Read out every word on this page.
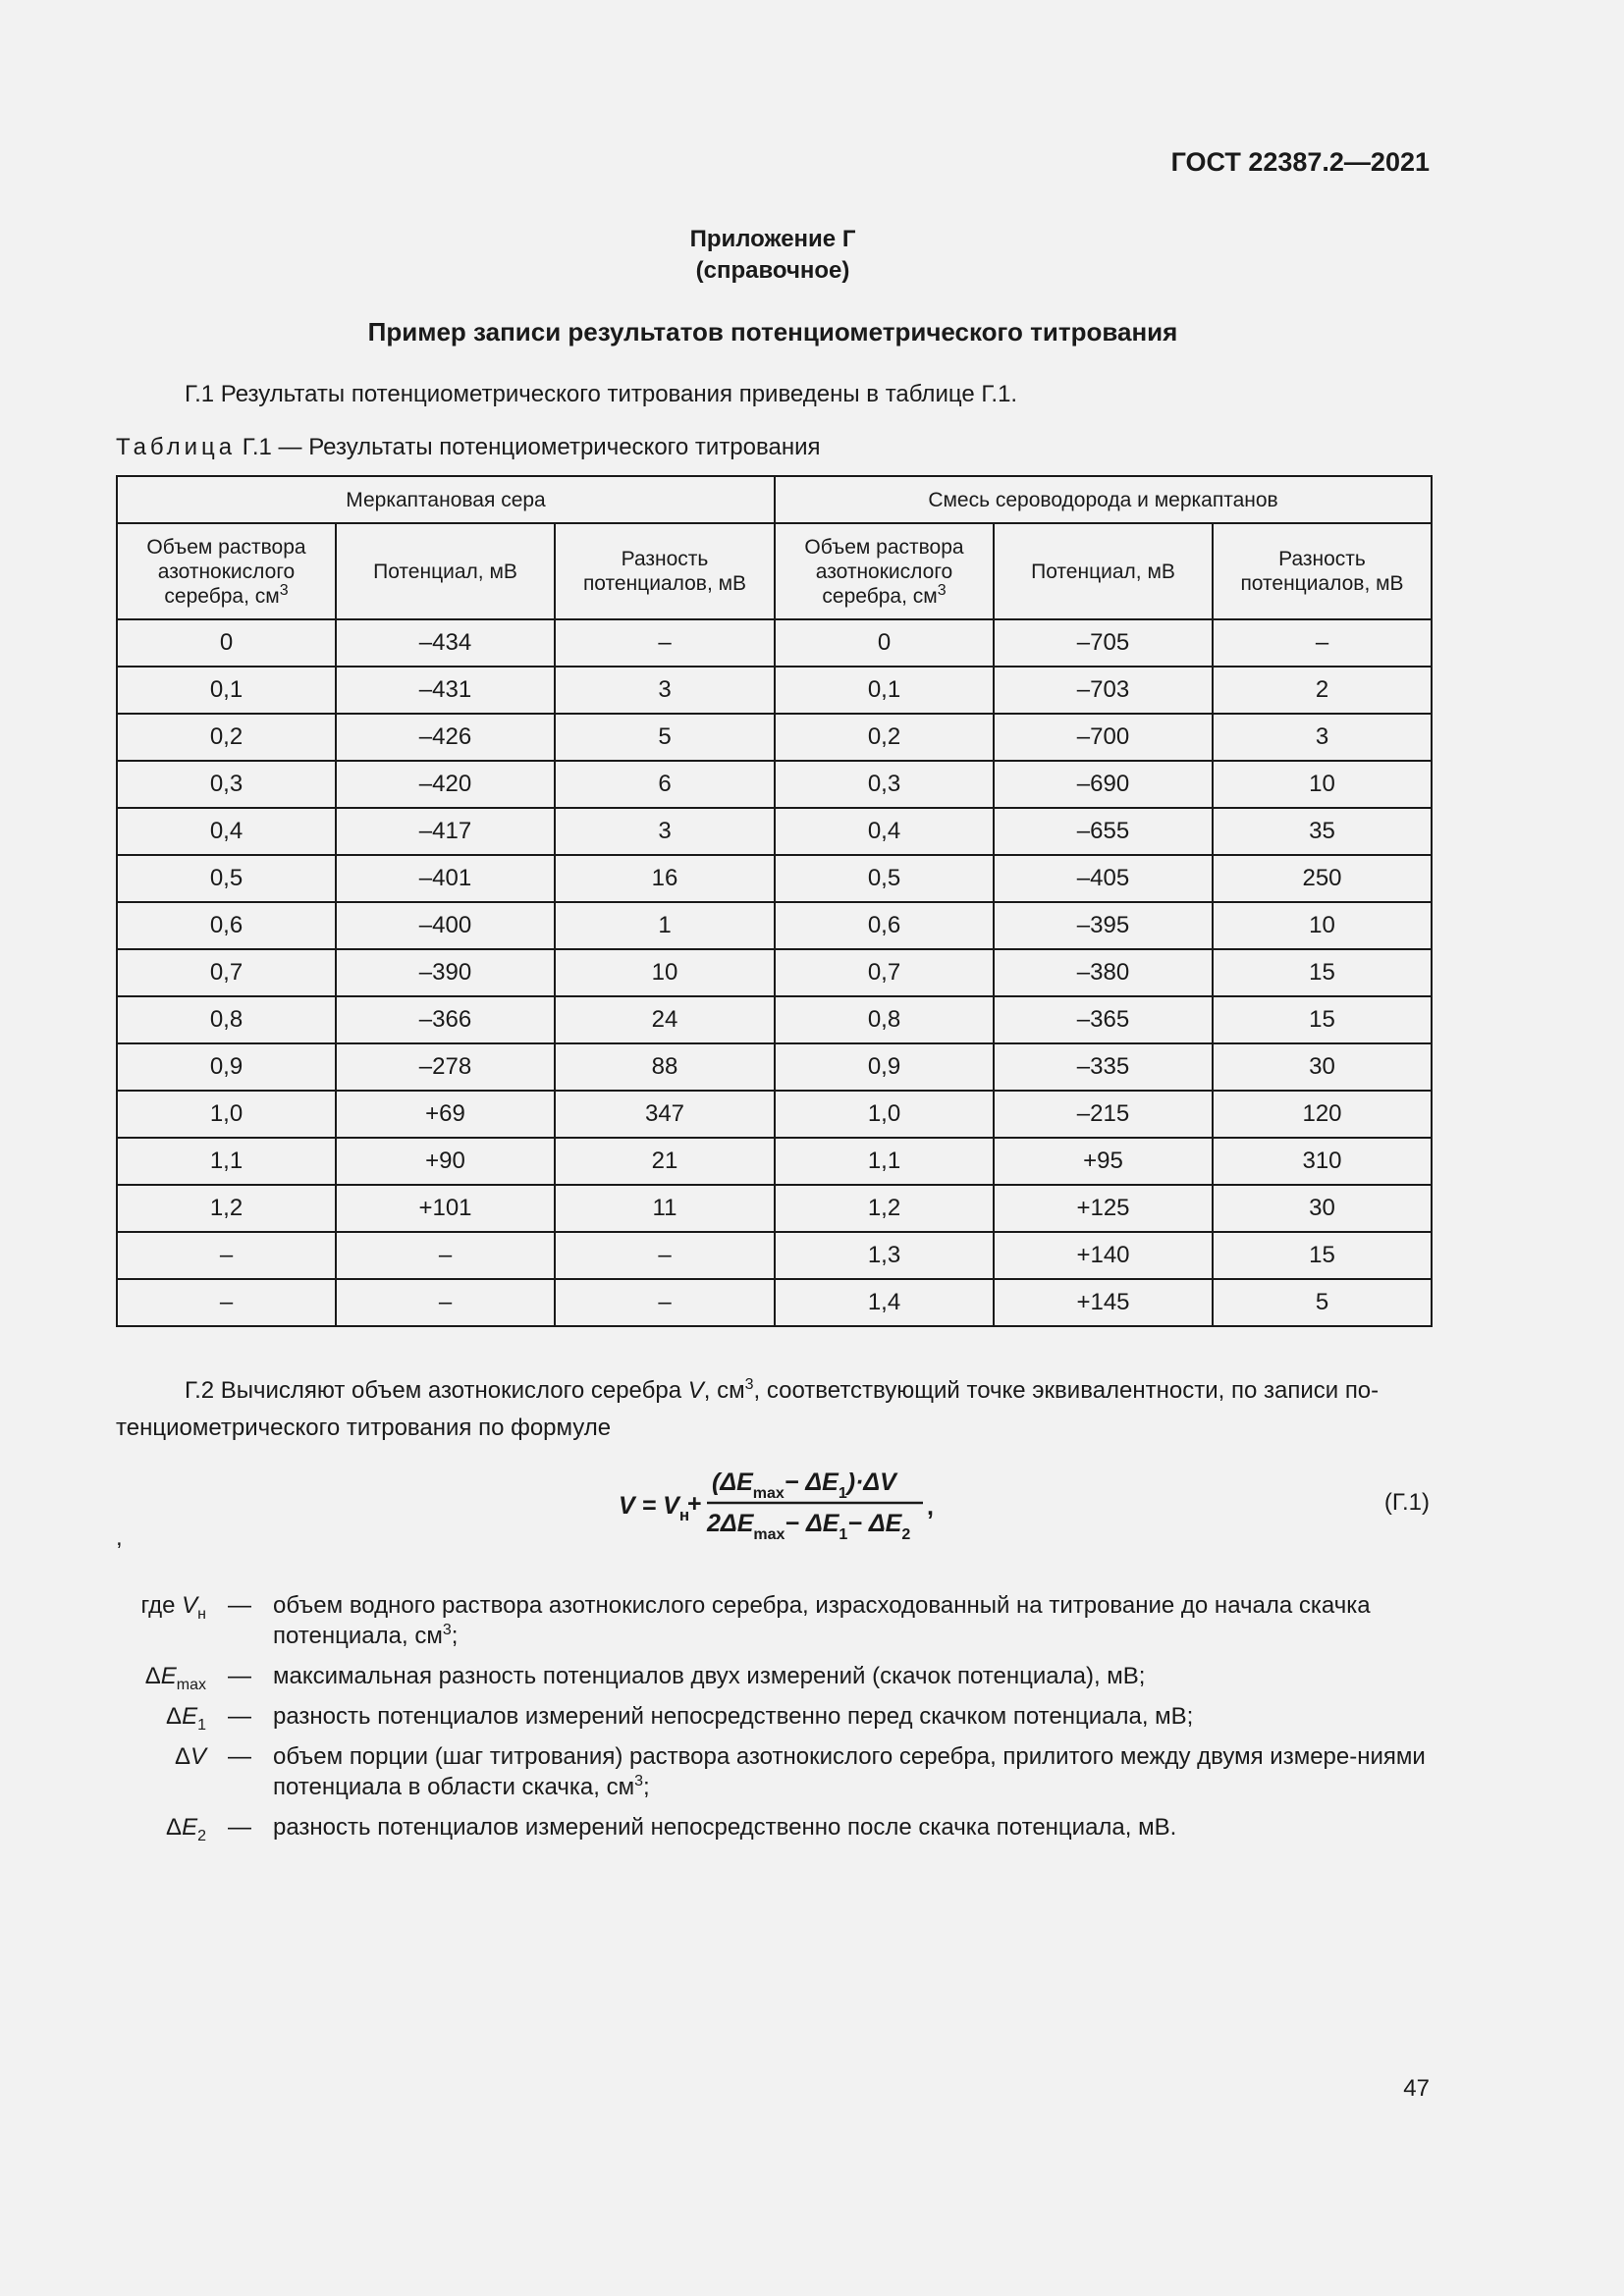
ГОСТ 22387.2—2021
Приложение Г
(справочное)
Пример записи результатов потенциометрического титрования
Г.1 Результаты потенциометрического титрования приведены в таблице Г.1.
Таблица Г.1 — Результаты потенциометрического титрования
Меркаптановая сера			Смесь сероводорода и меркаптанов		
Объем раствора азотнокислого серебра, $см^3$	Потенциал, мВ	Разность потенциалов, мВ	Объем раствора азотнокислого серебра, $см^3$	Потенциал, мВ	Разность потенциалов, мВ
0	–434	–	0	–705	–
0,1	–431	3	0,1	–703	2
0,2	–426	5	0,2	–700	3
0,3	–420	6	0,3	–690	10
0,4	–417	3	0,4	–655	35
0,5	–401	16	0,5	–405	250
0,6	–400	1	0,6	–395	10
0,7	–390	10	0,7	–380	15
0,8	–366	24	0,8	–365	15
0,9	–278	88	0,9	–335	30
1,0	+69	347	1,0	–215	120
1,1	+90	21	1,1	+95	310
1,2	+101	11	1,2	+125	30
–	–	–	1,3	+140	15
–	–	–	1,4	+145	5
Г.2 Вычисляют объем азотнокислого серебра V, $см^3$, соответствующий точке эквивалентности, по записи по-
тенциометрического титрования по формуле
$V = V_н$
+
$(\Delta E_{max}- \Delta E_1)\cdot\Delta V$
$2\Delta E_{max}- \Delta E_1- \Delta E_2$
,	(Г.1)
,
где $V_н$ — объем водного раствора азотнокислого серебра, израсходованный на титрование до начала скачка потенциала, $см^3$;
$\Delta E_{max}$ — максимальная разность потенциалов двух измерений (скачок потенциала), мВ;
$\Delta E_1$ — разность потенциалов измерений непосредственно перед скачком потенциала, мВ;
ΔV — объем порции (шаг титрования) раствора азотнокислого серебра, прилитого между двумя измере-ниями потенциала в области скачка, $см^3$;
$\Delta E_2$ — разность потенциалов измерений непосредственно после скачка потенциала, мВ.
47
